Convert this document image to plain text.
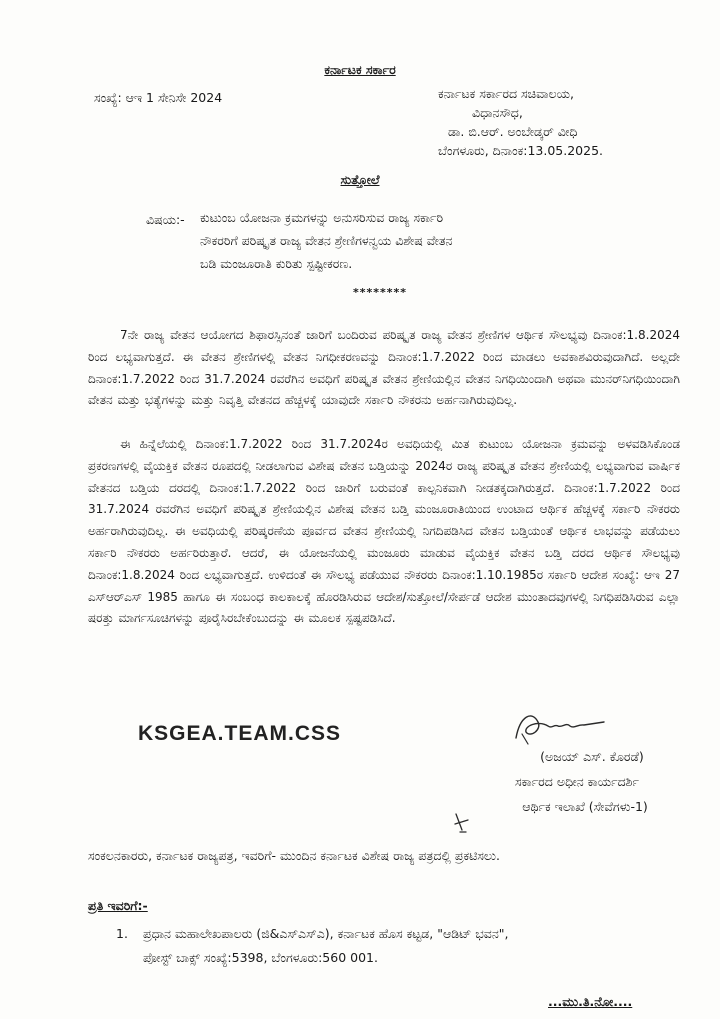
ಕರ್ನಾಟಕ ಸರ್ಕಾರ
ಸಂಖ್ಯೆ: ಆಇ 1 ಸೇನಿಸೇ 2024	ಕರ್ನಾಟಕ ಸರ್ಕಾರದ ಸಚಿವಾಲಯ,
ವಿಧಾನಸೌಧ,
ಡಾ. ಬಿ.ಆರ್. ಅಂಬೇಡ್ಕರ್ ವೀಧಿ
ಬೆಂಗಳೂರು, ದಿನಾಂಕ:13.05.2025.
ಸುತ್ತೋಲೆ
ವಿಷಯ:- ಕುಟುಂಬ ಯೋಜನಾ ಕ್ರಮಗಳನ್ನು ಅನುಸರಿಸುವ ರಾಜ್ಯ ಸರ್ಕಾರಿ
ನೌಕರರಿಗೆ ಪರಿಷ್ಕೃತ ರಾಜ್ಯ ವೇತನ ಶ್ರೇಣಿಗಳನ್ವಯ ವಿಶೇಷ ವೇತನ
ಬಡಿ ಮಂಜೂರಾತಿ ಕುರಿತು ಸ್ಪಷ್ಟೀಕರಣ.
********
7ನೇ ರಾಜ್ಯ ವೇತನ ಆಯೋಗದ ಶಿಫಾರಸ್ಸಿನಂತೆ ಜಾರಿಗೆ ಬಂದಿರುವ ಪರಿಷ್ಕೃತ ರಾಜ್ಯ ವೇತನ ಶ್ರೇಣಿಗಳ ಆರ್ಥಿಕ ಸೌಲಭ್ಯವು ದಿನಾಂಕ:1.8.2024 ರಿಂದ ಲಭ್ಯವಾಗುತ್ತದೆ. ಈ ವೇತನ ಶ್ರೇಣಿಗಳಲ್ಲಿ ವೇತನ ನಿಗಧೀಕರಣವನ್ನು ದಿನಾಂಕ:1.7.2022 ರಿಂದ ಮಾಡಲು ಅವಕಾಶವಿರುವುದಾಗಿದೆ. ಅಲ್ಲದೇ ದಿನಾಂಕ:1.7.2022 ರಿಂದ 31.7.2024 ರವರೆಗಿನ ಅವಧಿಗೆ ಪರಿಷ್ಕೃತ ವೇತನ ಶ್ರೇಣಿಯಲ್ಲಿನ ವೇತನ ನಿಗಧಿಯಿಂದಾಗಿ ಅಥವಾ ಮುನರ್‌ನಿಗಧಿಯಿಂದಾಗಿ ವೇತನ ಮತ್ತು ಭತ್ಯೆಗಳನ್ನು ಮತ್ತು ನಿವೃತ್ತಿ ವೇತನದ ಹೆಚ್ಚಳಕ್ಕೆ ಯಾವುದೇ ಸರ್ಕಾರಿ ನೌಕರನು ಅರ್ಹನಾಗಿರುವುದಿಲ್ಲ.
ಈ ಹಿನ್ನೆಲೆಯಲ್ಲಿ ದಿನಾಂಕ:1.7.2022 ರಿಂದ 31.7.2024ರ ಅವಧಿಯಲ್ಲಿ ಮಿತ ಕುಟುಂಬ ಯೋಜನಾ ಕ್ರಮವನ್ನು ಅಳವಡಿಸಿಕೊಂಡ ಪ್ರಕರಣಗಳಲ್ಲಿ ವೈಯಕ್ತಿಕ ವೇತನ ರೂಪದಲ್ಲಿ ನೀಡಲಾಗುವ ವಿಶೇಷ ವೇತನ ಬಡ್ತಿಯನ್ನು 2024ರ ರಾಜ್ಯ ಪರಿಷ್ಕೃತ ವೇತನ ಶ್ರೇಣಿಯಲ್ಲಿ ಲಭ್ಯವಾಗುವ ವಾರ್ಷಿಕ ವೇತನದ ಬಡ್ತಿಯ ದರದಲ್ಲಿ ದಿನಾಂಕ:1.7.2022 ರಿಂದ ಜಾರಿಗೆ ಬರುವಂತೆ ಕಾಲ್ಪನಿಕವಾಗಿ ನೀಡತಕ್ಕದಾಗಿರುತ್ತದೆ. ದಿನಾಂಕ:1.7.2022 ರಿಂದ 31.7.2024 ರವರೆಗಿನ ಅವಧಿಗೆ ಪರಿಷ್ಕೃತ ಶ್ರೇಣಿಯಲ್ಲಿನ ವಿಶೇಷ ವೇತನ ಬಡ್ತಿ ಮಂಜೂರಾತಿಯಿಂದ ಉಂಟಾದ ಆರ್ಥಿಕ ಹೆಚ್ಚಳಕ್ಕೆ ಸರ್ಕಾರಿ ನೌಕರರು ಅರ್ಹರಾಗಿರುವುದಿಲ್ಲ. ಈ ಅವಧಿಯಲ್ಲಿ ಪರಿಷ್ಕರಣೆಯ ಪೂರ್ವದ ವೇತನ ಶ್ರೇಣಿಯಲ್ಲಿ ನಿಗದಿಪಡಿಸಿದ ವೇತನ ಬಡ್ತಿಯಂತೆ ಆರ್ಥಿಕ ಲಾಭವನ್ನು ಪಡೆಯಲು ಸರ್ಕಾರಿ ನೌಕರರು ಅರ್ಹರಿರುತ್ತಾರೆ. ಆದರೆ, ಈ ಯೋಜನೆಯಲ್ಲಿ ಮಂಜೂರು ಮಾಡುವ ವೈಯಕ್ತಿಕ ವೇತನ ಬಡ್ತಿ ದರದ ಆರ್ಥಿಕ ಸೌಲಭ್ಯವು ದಿನಾಂಕ:1.8.2024 ರಿಂದ ಲಭ್ಯವಾಗುತ್ತದೆ. ಉಳಿದಂತೆ ಈ ಸೌಲಭ್ಯ ಪಡೆಯುವ ನೌಕರರು ದಿನಾಂಕ:1.10.1985ರ ಸರ್ಕಾರಿ ಆದೇಶ ಸಂಖ್ಯೆ: ಆಇ 27 ಎಸ್‌ಆರ್‌ಎಸ್ 1985 ಹಾಗೂ ಈ ಸಂಬಂಧ ಕಾಲಕಾಲಕ್ಕೆ ಹೊರಡಿಸಿರುವ ಆದೇಶ/ಸುತ್ತೋಲೆ/ಸೇರ್ಪಡೆ ಆದೇಶ ಮುಂತಾದವುಗಳಲ್ಲಿ ನಿಗಧಿಪಡಿಸಿರುವ ಎಲ್ಲಾ ಷರತ್ತು ಮಾರ್ಗಸೂಚಿಗಳನ್ನು ಪೂರೈಸಿರಬೇಕೆಂಬುದನ್ನು ಈ ಮೂಲಕ ಸ್ಪಷ್ಟಪಡಿಸಿದೆ.
KSGEA.TEAM.CSS
(ಅಜಯ್ ಎಸ್. ಕೊರಡೆ)
ಸರ್ಕಾರದ ಅಧೀನ ಕಾರ್ಯದರ್ಶಿ
ಆರ್ಥಿಕ ಇಲಾಖೆ (ಸೇವೆಗಳು-1)
ಸಂಕಲನಕಾರರು, ಕರ್ನಾಟಕ ರಾಜ್ಯಪತ್ರ, ಇವರಿಗೆ- ಮುಂದಿನ ಕರ್ನಾಟಕ ವಿಶೇಷ ರಾಜ್ಯ ಪತ್ರದಲ್ಲಿ ಪ್ರಕಟಿಸಲು.
ಪ್ರತಿ ಇವರಿಗೆ:-
1. ಪ್ರಧಾನ ಮಹಾಲೇಖಪಾಲರು (ಜಿ&ಎಸ್‌ಎಸ್‌ಎ), ಕರ್ನಾಟಕ ಹೊಸ ಕಟ್ಟಡ, "ಆಡಿಟ್ ಭವನ",
ಪೋಸ್ಟ್ ಬಾಕ್ಸ್ ಸಂಖ್ಯೆ:5398, ಬೆಂಗಳೂರು:560 001.
...ಮು.ತಿ.ನೋ....
